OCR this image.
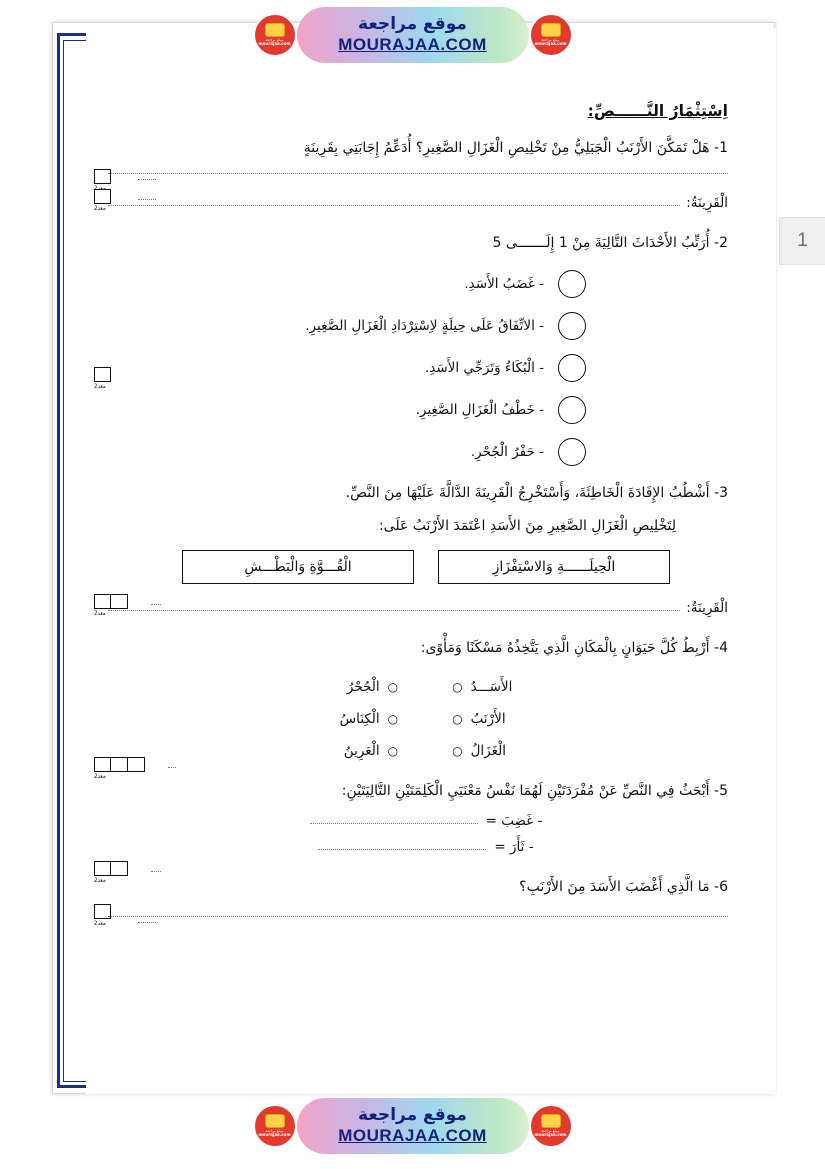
1
اِسْتِثْمَارُ النَّــــــصِّ:
1- هَلْ تَمَكَّنَ الأَرْنَبُ الْجَبَلِيُّ مِنْ تَخْلِيصِ الْغَزَالِ الصَّغِيرِ؟ أُدَعِّمُ إِجَابَتِي بِقَرِينَةٍ
معد2
معد2	الْقَرِينَةُ:
2- أُرَتِّبُ الأَحْدَاثَ التَّالِيَةَ مِنْ 1 إِلَـــــــى 5
معد2
- غَضَبُ الأَسَدِ.
- الاتِّفَاقُ عَلَى حِيلَةٍ لاِسْتِرْدَادِ الْغَزَالِ الصَّغِيرِ.
- الْبُكَاءُ وَتَرَجِّي الأَسَدِ.
- خَطْفُ الْغَزَالِ الصَّغِيرِ.
- حَفْرُ الْجُحْرِ.
3- أَشْطُبُ الإِفَادَةَ الْخَاطِئَةَ، وَأَسْتَخْرِجُ الْقَرِينَةَ الدَّالَّةَ عَلَيْهَا مِنَ النَّصِّ.
لِتَخْلِيصِ الْغَزَالِ الصَّغِيرِ مِنَ الأَسَدِ اعْتَمَدَ الأَرْنَبُ عَلَى:
الْحِيلَــــــةِ وَالاسْتِفْزَازِ
الْقُـــوَّةِ وَالْبَطْـــشِ
معد2	الْقَرِينَةُ:
4- أَرْبِطُ كُلَّ حَيَوَانٍ بِالْمَكَانِ الَّذِي يَتَّخِذُهُ مَسْكَنًا وَمَأْوًى:
معد2
الأَسَـــدُ
○
الأَرْنَبُ
○
الْغَزَالُ
○
○
الْجُحْرُ
○
الْكِنَاسُ
○
الْعَرِينُ
5- أَبْحَثُ فِي النَّصِّ عَنْ مُفْرَدَتَيْنِ لَهُمَا نَفْسُ مَعْنَيَيِ الْكَلِمَتَيْنِ التَّالِيَتَيْنِ:
معد2
- غَضِبَ =
- ثَأَرَ =
6- مَا الَّذِي أَغْضَبَ الأَسَدَ مِنَ الأَرْنَبِ؟
معد2
موقع مراجعة
mourajaa.com
موقع مراجعة
MOURAJAA.COM
موقع مراجعة
mourajaa.com
موقع مراجعة
mourajaa.com
موقع مراجعة
MOURAJAA.COM
موقع مراجعة
mourajaa.com
